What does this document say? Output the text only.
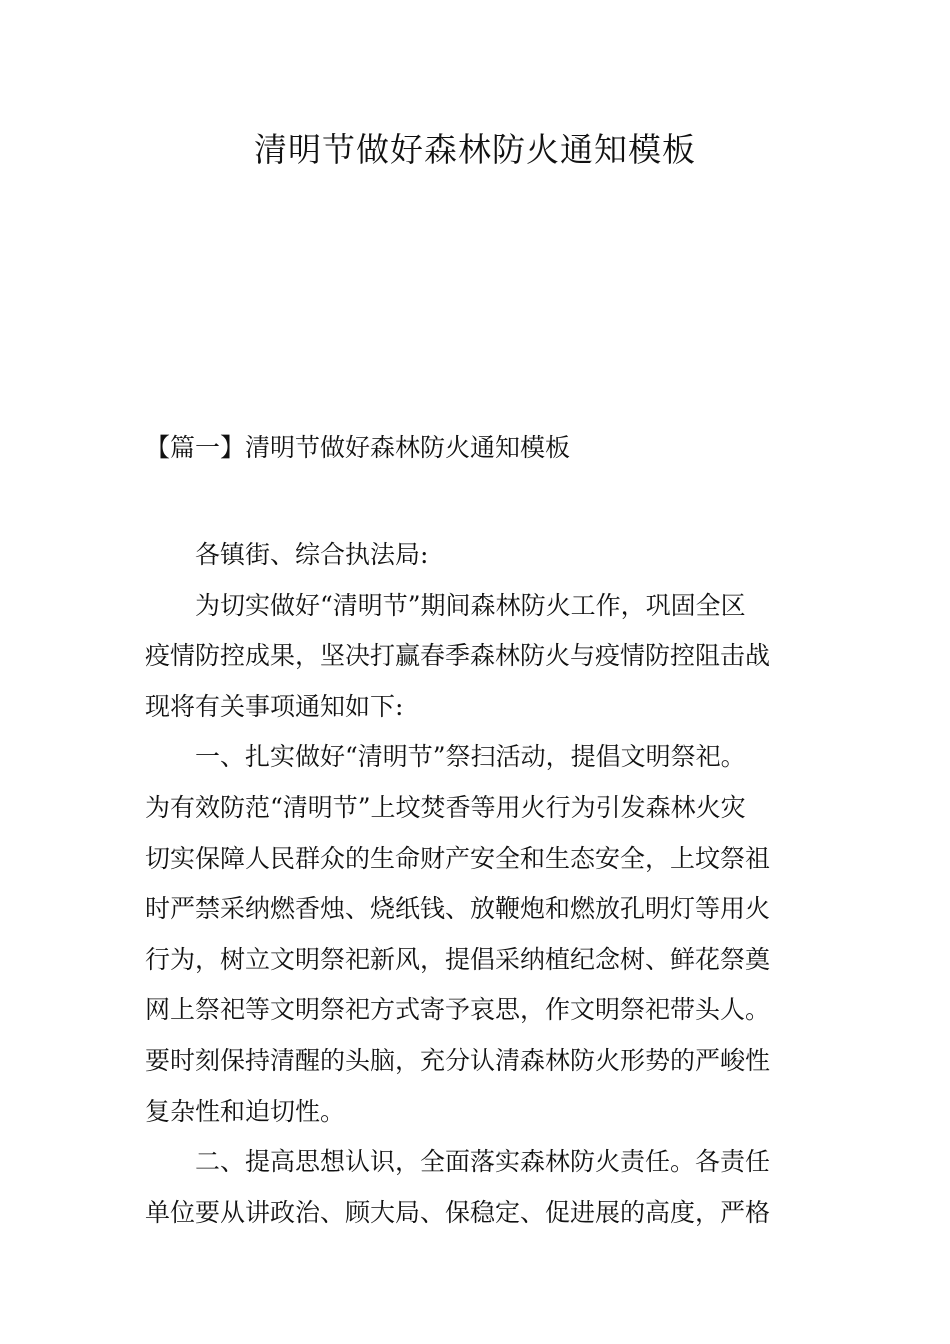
清明节做好森林防火通知模板

【篇一】清明节做好森林防火通知模板

各镇街、综合执法局:
为切实做好“清明节”期间森林防火工作，巩固全区
疫情防控成果，坚决打赢春季森林防火与疫情防控阻击战
现将有关事项通知如下:
一、扎实做好“清明节”祭扫活动，提倡文明祭祀。
为有效防范“清明节”上坟焚香等用火行为引发森林火灾
切实保障人民群众的生命财产安全和生态安全，上坟祭祖
时严禁采纳燃香烛、烧纸钱、放鞭炮和燃放孔明灯等用火
行为，树立文明祭祀新风，提倡采纳植纪念树、鲜花祭奠
网上祭祀等文明祭祀方式寄予哀思，作文明祭祀带头人。
要时刻保持清醒的头脑，充分认清森林防火形势的严峻性
复杂性和迫切性。
二、提高思想认识，全面落实森林防火责任。各责任
单位要从讲政治、顾大局、保稳定、促进展的高度，严格
